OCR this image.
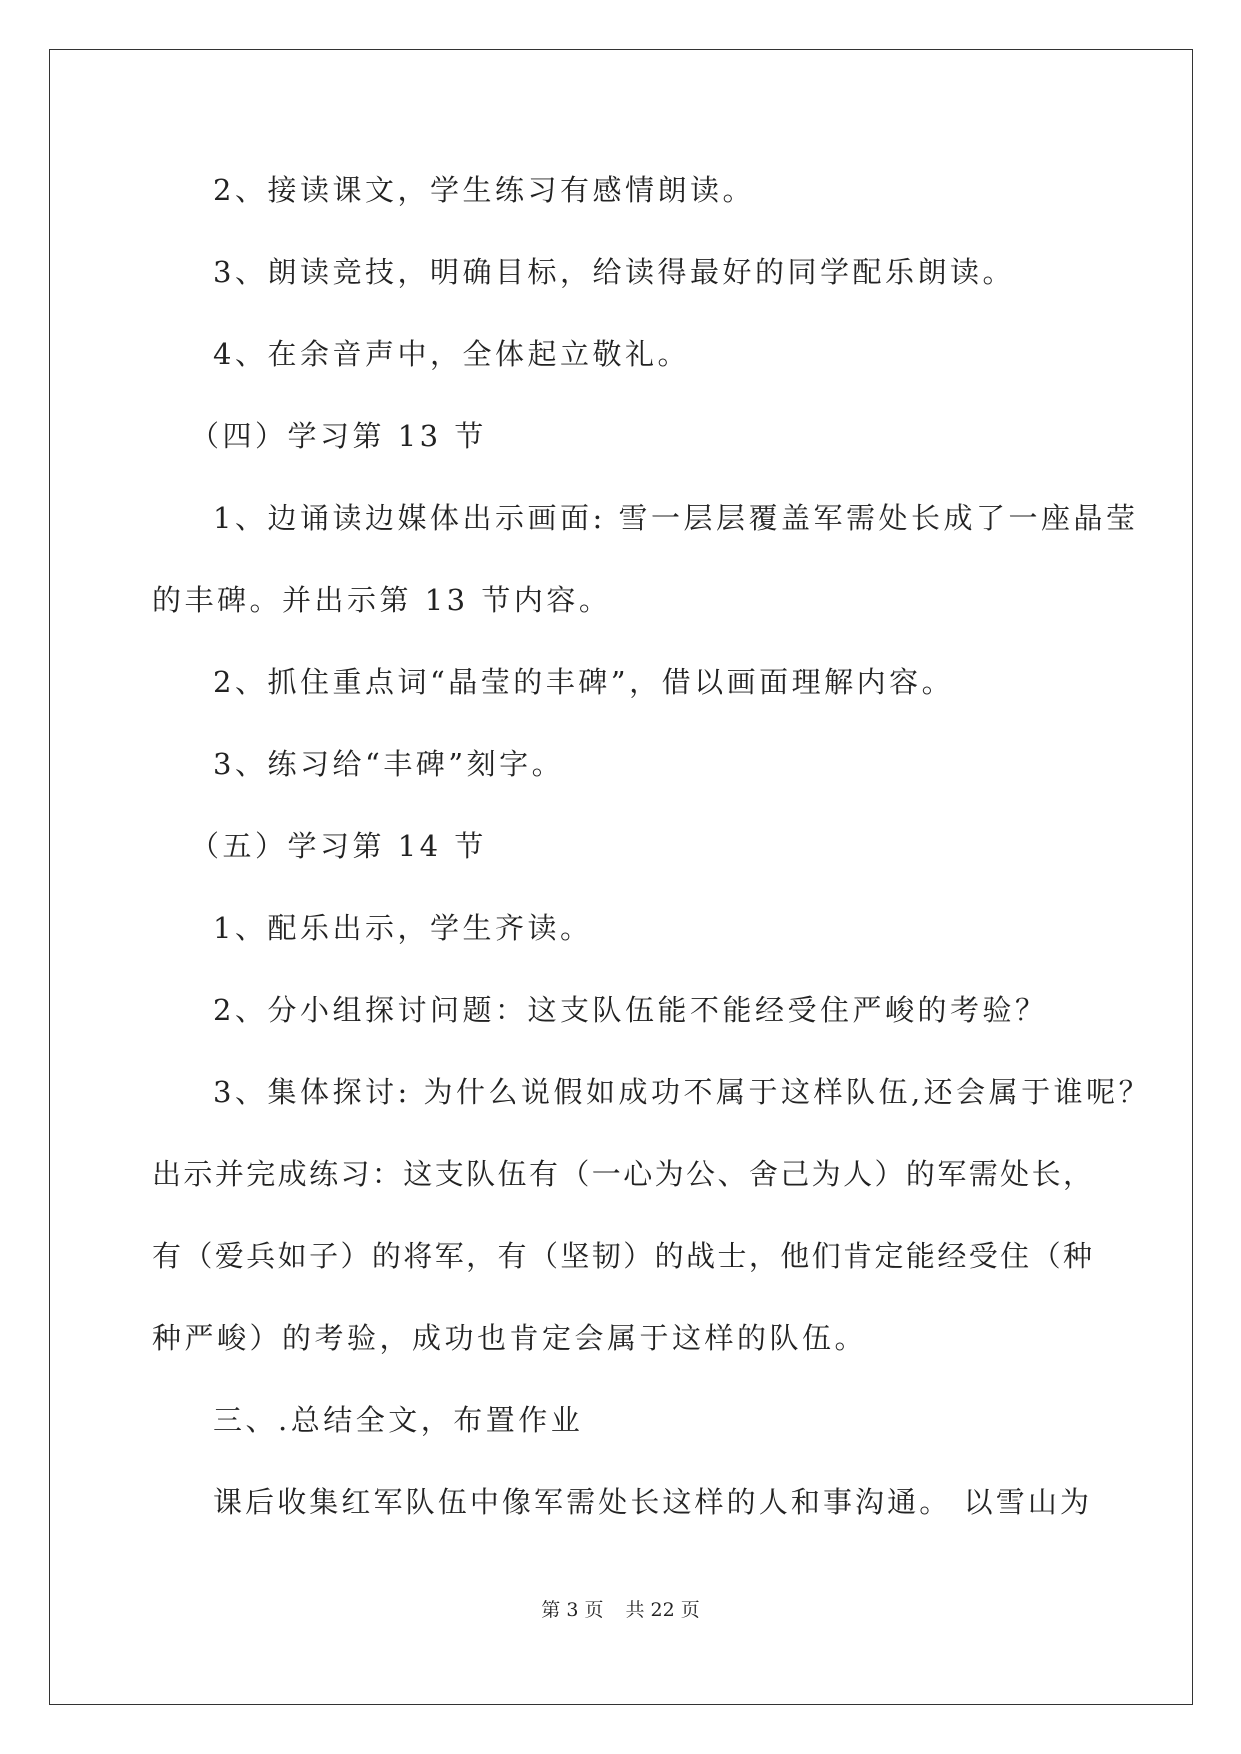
2、接读课文，学生练习有感情朗读。
3、朗读竞技，明确目标，给读得最好的同学配乐朗读。
4、在余音声中，全体起立敬礼。
（四）学习第 13 节
1、边诵读边媒体出示画面: 雪一层层覆盖军需处长成了一座晶莹
的丰碑。并出示第 13 节内容。
2、抓住重点词“晶莹的丰碑”，借以画面理解内容。
3、练习给“丰碑”刻字。
（五）学习第 14 节
1、配乐出示，学生齐读。
2、分小组探讨问题：这支队伍能不能经受住严峻的考验？
3、集体探讨: 为什么说假如成功不属于这样队伍,还会属于谁呢？
出示并完成练习：这支队伍有（一心为公、舍己为人）的军需处长，
有（爱兵如子）的将军，有（坚韧）的战士，他们肯定能经受住（种
种严峻）的考验，成功也肯定会属于这样的队伍。
三、.总结全文，布置作业
课后收集红军队伍中像军需处长这样的人和事沟通。 以雪山为
第 3 页 共 22 页
